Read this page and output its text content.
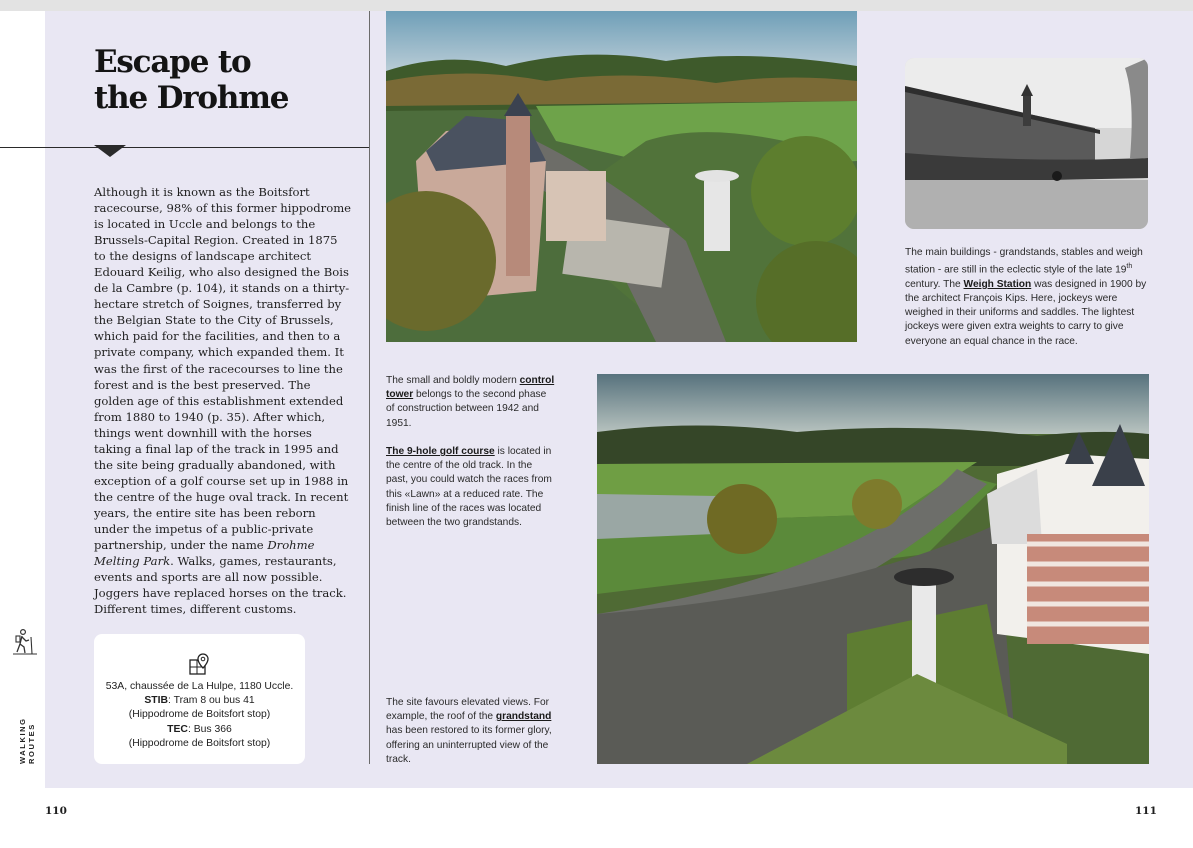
Escape to
the Drohme

Although it is known as the Boitsfort racecourse, 98% of this former hippodrome is located in Uccle and belongs to the Brussels-Capital Region. Created in 1875 to the designs of landscape architect Edouard Keilig, who also designed the Bois de la Cambre (p. 104), it stands on a thirty-hectare stretch of Soignes, transferred by the Belgian State to the City of Brussels, which paid for the facilities, and then to a private company, which expanded them. It was the first of the racecourses to line the forest and is the best preserved. The golden age of this establishment extended from 1880 to 1940 (p. 35). After which, things went downhill with the horses taking a final lap of the track in 1995 and the site being gradually abandoned, with exception of a golf course set up in 1988 in the centre of the huge oval track. In recent years, the entire site has been reborn under the impetus of a public-private partnership, under the name Drohme Melting Park. Walks, games, restaurants, events and sports are all now possible. Joggers have replaced horses on the track. Different times, different customs.

53A, chaussée de La Hulpe, 1180 Uccle.
STIB: Tram 8 ou bus 41
(Hippodrome de Boitsfort stop)
TEC: Bus 366
(Hippodrome de Boitsfort stop)
WALKING ROUTES
110

The main buildings - grandstands, stables and weigh station - are still in the eclectic style of the late 19th century. The Weigh Station was designed in 1900 by the architect François Kips. Here, jockeys were weighed in their uniforms and saddles. The lightest jockeys were given extra weights to carry to give everyone an equal chance in the race.

The small and boldly modern control tower belongs to the second phase of construction between 1942 and 1951.

The 9-hole golf course is located in the centre of the old track. In the past, you could watch the races from this «Lawn» at a reduced rate. The finish line of the races was located between the two grandstands.

The site favours elevated views. For example, the roof of the grandstand has been restored to its former glory, offering an uninterrupted view of the track.

111
